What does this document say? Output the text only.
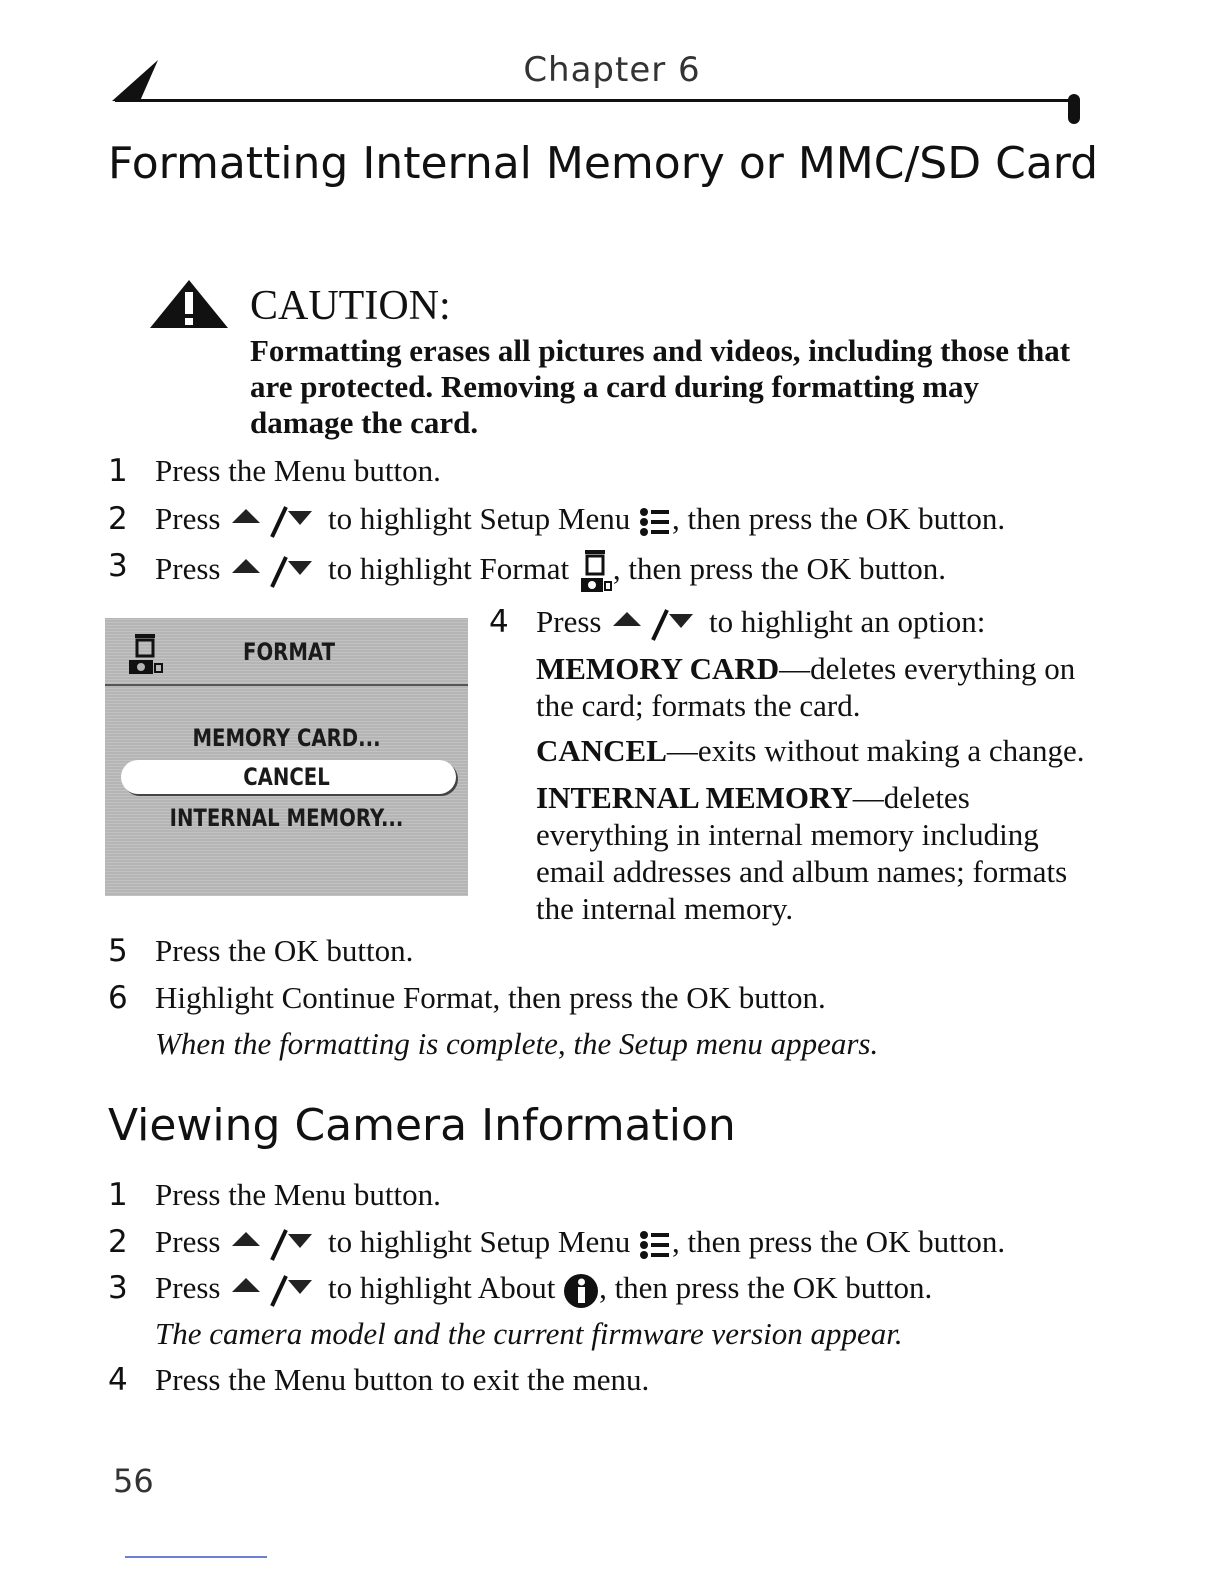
Chapter 6
Formatting Internal Memory or MMC/SD Card
CAUTION:
Formatting erases all pictures and videos, including those that are protected. Removing a card during formatting may damage the card.
1 Press the Menu button.
2 Press	to highlight Setup Menu , then press the OK button.
3 Press	to highlight Format , then press the OK button.
FORMAT
MEMORY CARD...
CANCEL
INTERNAL MEMORY...
4 Press	to highlight an option:
MEMORY CARD—deletes everything on the card; formats the card.
CANCEL—exits without making a change.
INTERNAL MEMORY—deletes everything in internal memory including email addresses and album names; formats the internal memory.
5 Press the OK button.
6 Highlight Continue Format, then press the OK button.
When the formatting is complete, the Setup menu appears.
Viewing Camera Information
1 Press the Menu button.
2 Press	to highlight Setup Menu , then press the OK button.
3 Press	to highlight About , then press the OK button.
The camera model and the current firmware version appear.
4 Press the Menu button to exit the menu.
56
